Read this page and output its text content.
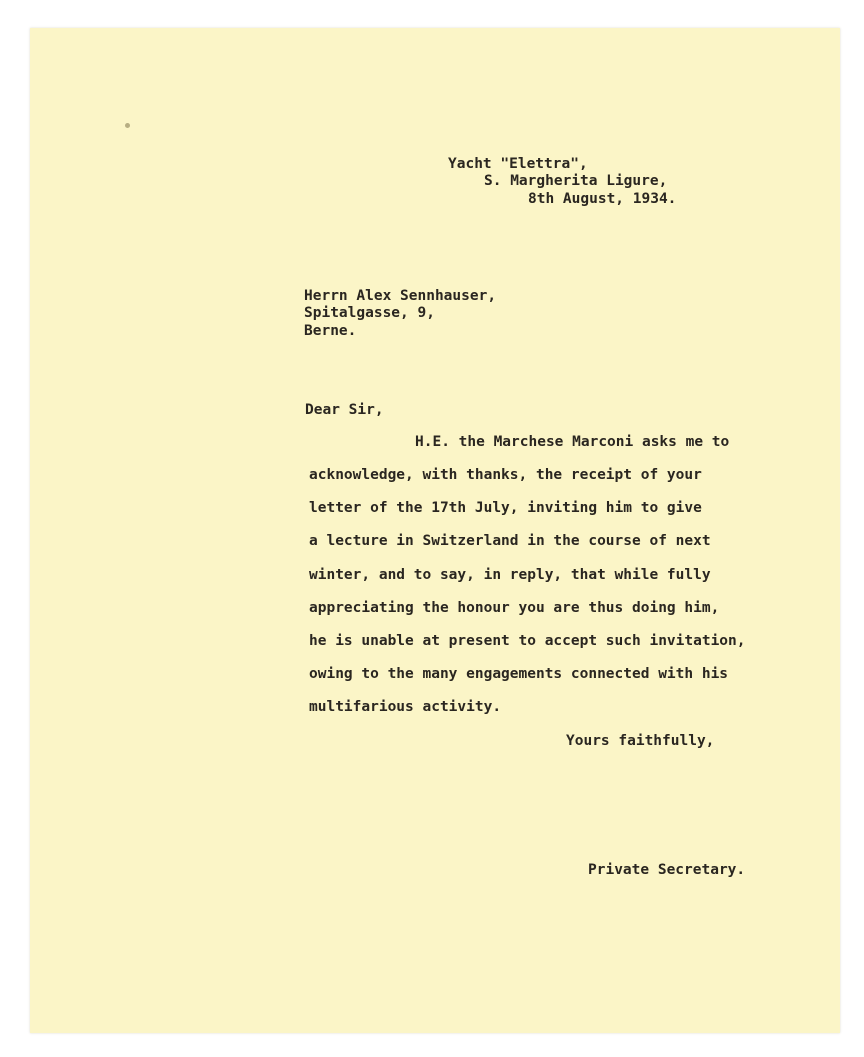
Yacht "Elettra",

S. Margherita Ligure,

8th August, 1934.

Herrn Alex Sennhauser,

Spitalgasse, 9,

Berne.

Dear Sir,

H.E. the Marchese Marconi asks me to

acknowledge, with thanks, the receipt of your

letter of the 17th July, inviting him to give

a lecture in Switzerland in the course of next

winter, and to say, in reply, that while fully

appreciating the honour you are thus doing him,

he is unable at present to accept such invitation,

owing to the many engagements connected with his

multifarious activity.

Yours faithfully,

Private Secretary.
